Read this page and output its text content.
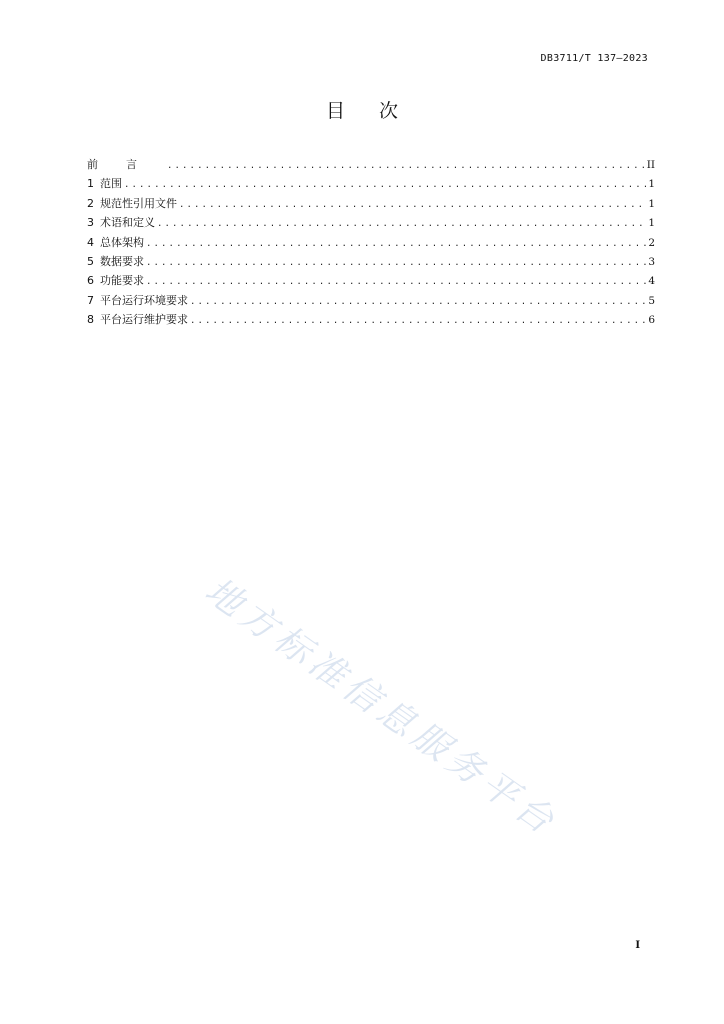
DB3711/T 137—2023
目次
前言 .....	II
1 范围 .....	1
2 规范性引用文件 .....	1
3 术语和定义 .....	1
4 总体架构 .....	2
5 数据要求 .....	3
6 功能要求 .....	4
7 平台运行环境要求 .....	5
8 平台运行维护要求 .....	6
地方标准信息服务平台
I
